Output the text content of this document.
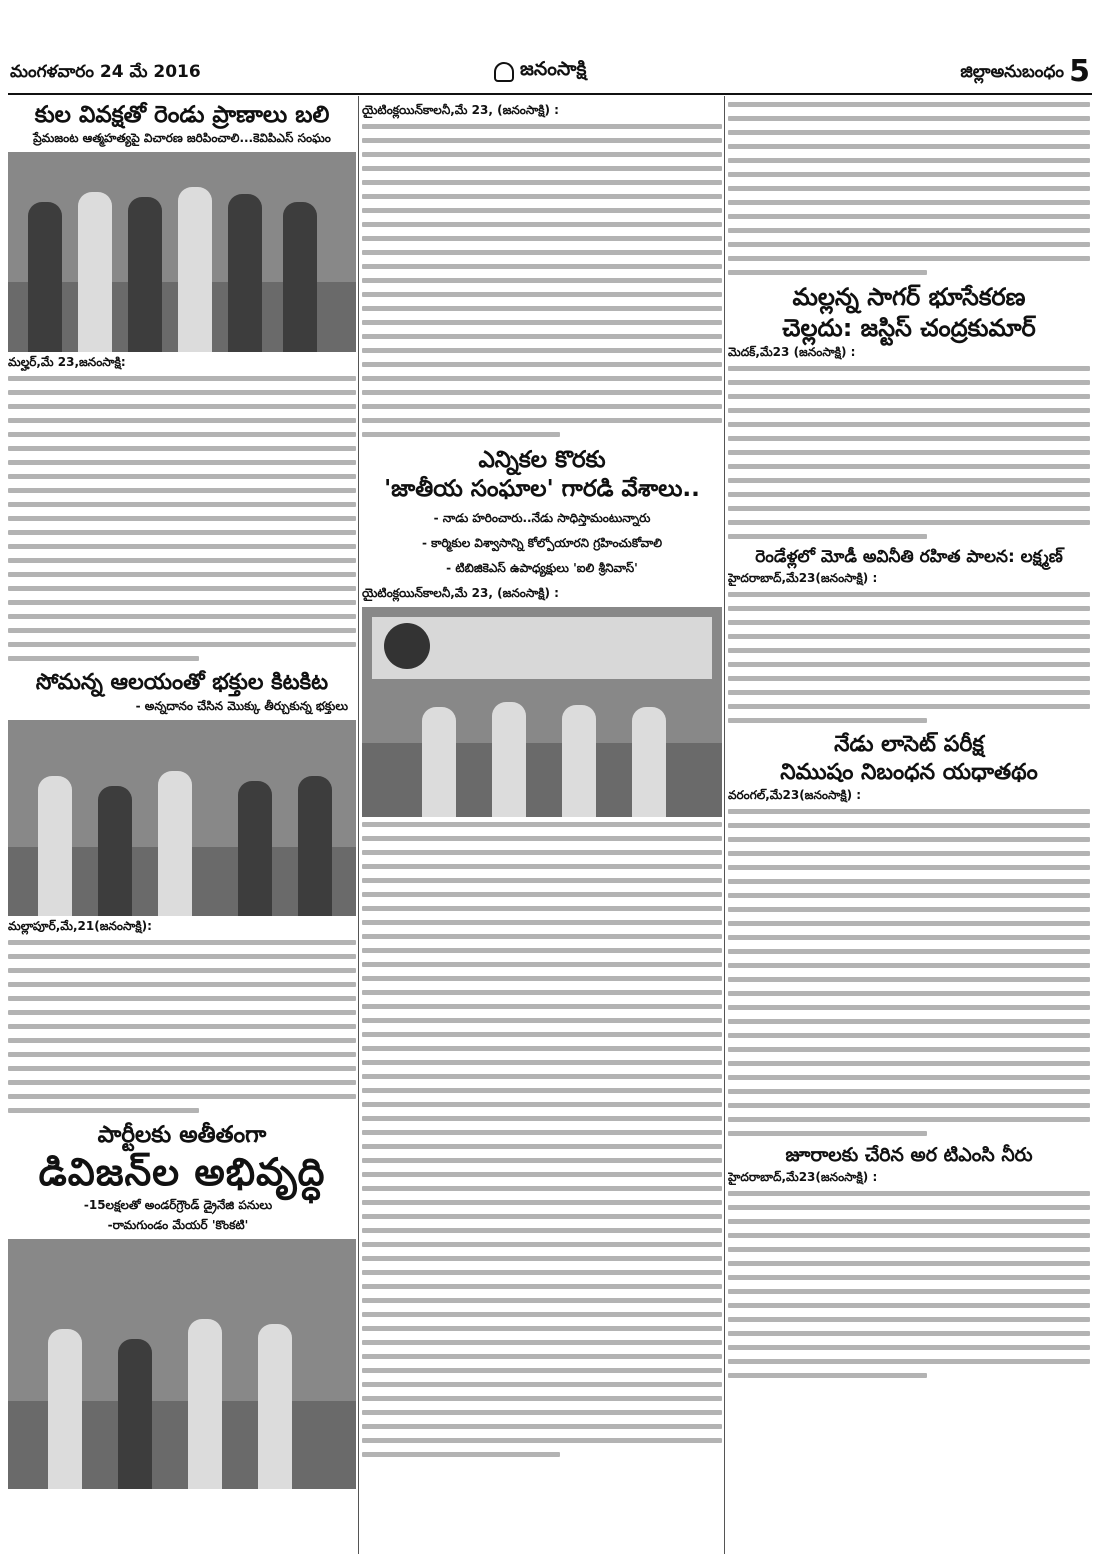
మంగళవారం 24 మే 2016	జనంసాక్షి	జిల్లాఅనుబంధం 5
కుల వివక్షతో రెండు ప్రాణాలు బలి
ప్రేమజంట ఆత్మహత్యపై విచారణ జరిపించాలి...కెవిపిఎస్‌ సంఘం
మల్హర్‌,మే 23,జనంసాక్షి:
సోమన్న ఆలయంతో భక్తుల కిటకిట
- అన్నదానం చేసిన మొక్కు తీర్చుకున్న భక్తులు
మల్లాపూర్‌,మే,21(జనంసాక్షి):
పార్టీలకు అతీతంగా
డివిజన్‌ల అభివృద్ధి
-15లక్షలతో అండర్‌గ్రౌండ్‌ డ్రైనేజి పనులు
-రామగుండం మేయర్‌ 'కొంకటి'
యైటింక్లయిన్‌కాలనీ,మే 23, (జనంసాక్షి) :
ఎన్నికల కొరకు
'జాతీయ సంఘాల' గారడి వేశాలు..
- నాడు హరించారు..నేడు సాధిస్తామంటున్నారు
- కార్మికుల విశ్వాసాన్ని కోల్పోయారని గ్రహించుకోవాలి
- టిబిజికెఎస్‌ ఉపాధ్యక్షులు 'ఐలి శ్రీనివాస్‌'
యైటింక్లయిన్‌కాలనీ,మే 23, (జనంసాక్షి) :
మల్లన్న సాగర్‌ భూసేకరణ
చెల్లదు: జస్టిస్‌ చంద్రకుమార్‌
మెదక్‌,మే23 (జనంసాక్షి) :
రెండేళ్లలో మోడీ అవినీతి రహిత పాలన: లక్ష్మణ్‌
హైదరాబాద్‌,మే23(జనంసాక్షి) :
నేడు లాసెట్‌ పరీక్ష
నిముషం నిబంధన యధాతథం
వరంగల్‌,మే23(జనంసాక్షి) :
జూరాలకు చేరిన అర టిఎంసి నీరు
హైదరాబాద్‌,మే23(జనంసాక్షి) :
